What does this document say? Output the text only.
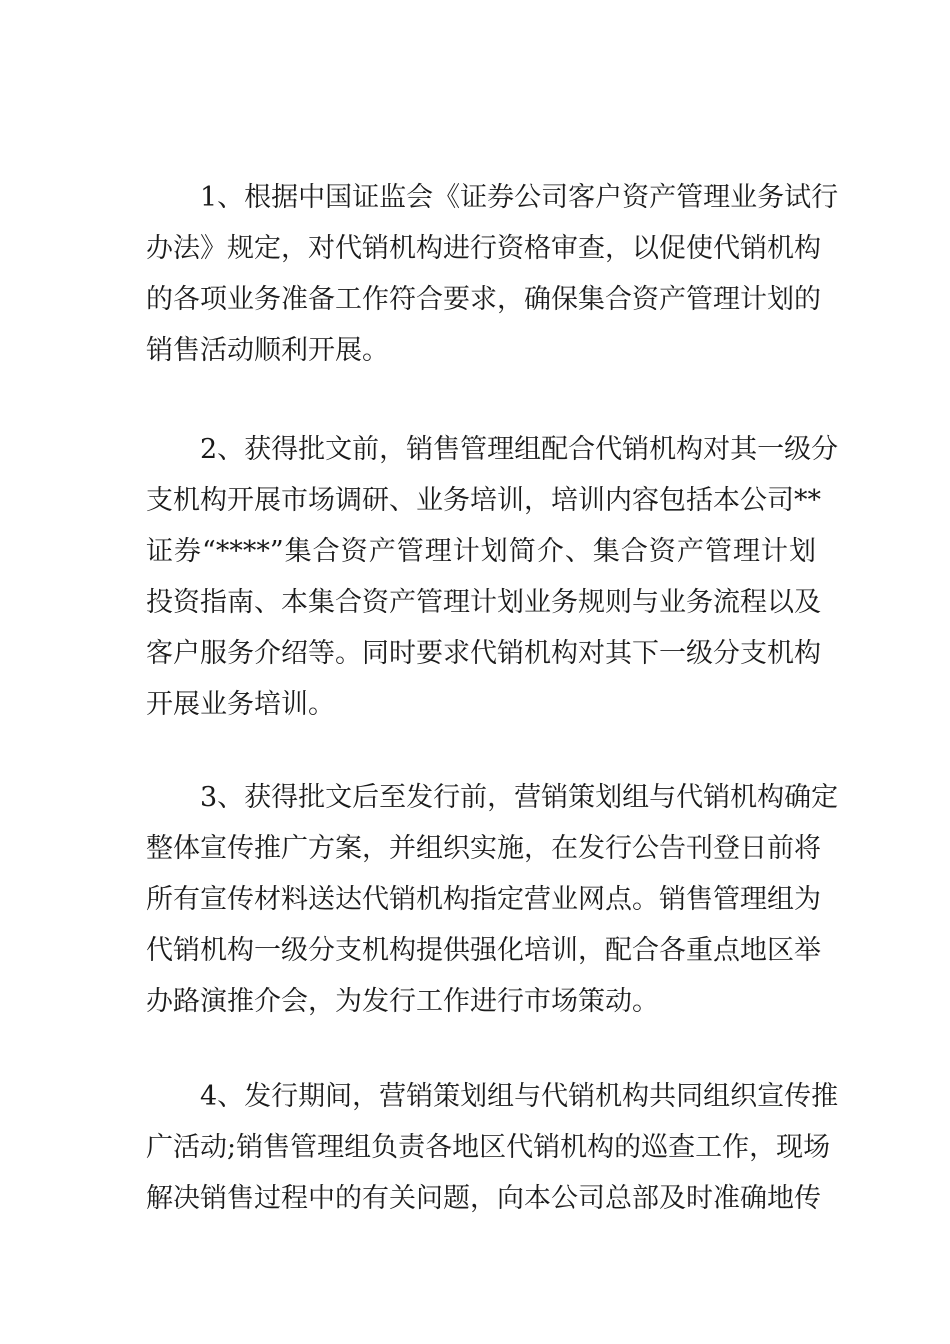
1、根据中国证监会《证券公司客户资产管理业务试行
办法》规定，对代销机构进行资格审查，以促使代销机构
的各项业务准备工作符合要求，确保集合资产管理计划的
销售活动顺利开展。
2、获得批文前，销售管理组配合代销机构对其一级分
支机构开展市场调研、业务培训，培训内容包括本公司**
证券“****”集合资产管理计划简介、集合资产管理计划
投资指南、本集合资产管理计划业务规则与业务流程以及
客户服务介绍等。同时要求代销机构对其下一级分支机构
开展业务培训。
3、获得批文后至发行前，营销策划组与代销机构确定
整体宣传推广方案，并组织实施，在发行公告刊登日前将
所有宣传材料送达代销机构指定营业网点。销售管理组为
代销机构一级分支机构提供强化培训，配合各重点地区举
办路演推介会，为发行工作进行市场策动。
4、发行期间，营销策划组与代销机构共同组织宣传推
广活动;销售管理组负责各地区代销机构的巡查工作，现场
解决销售过程中的有关问题，向本公司总部及时准确地传
